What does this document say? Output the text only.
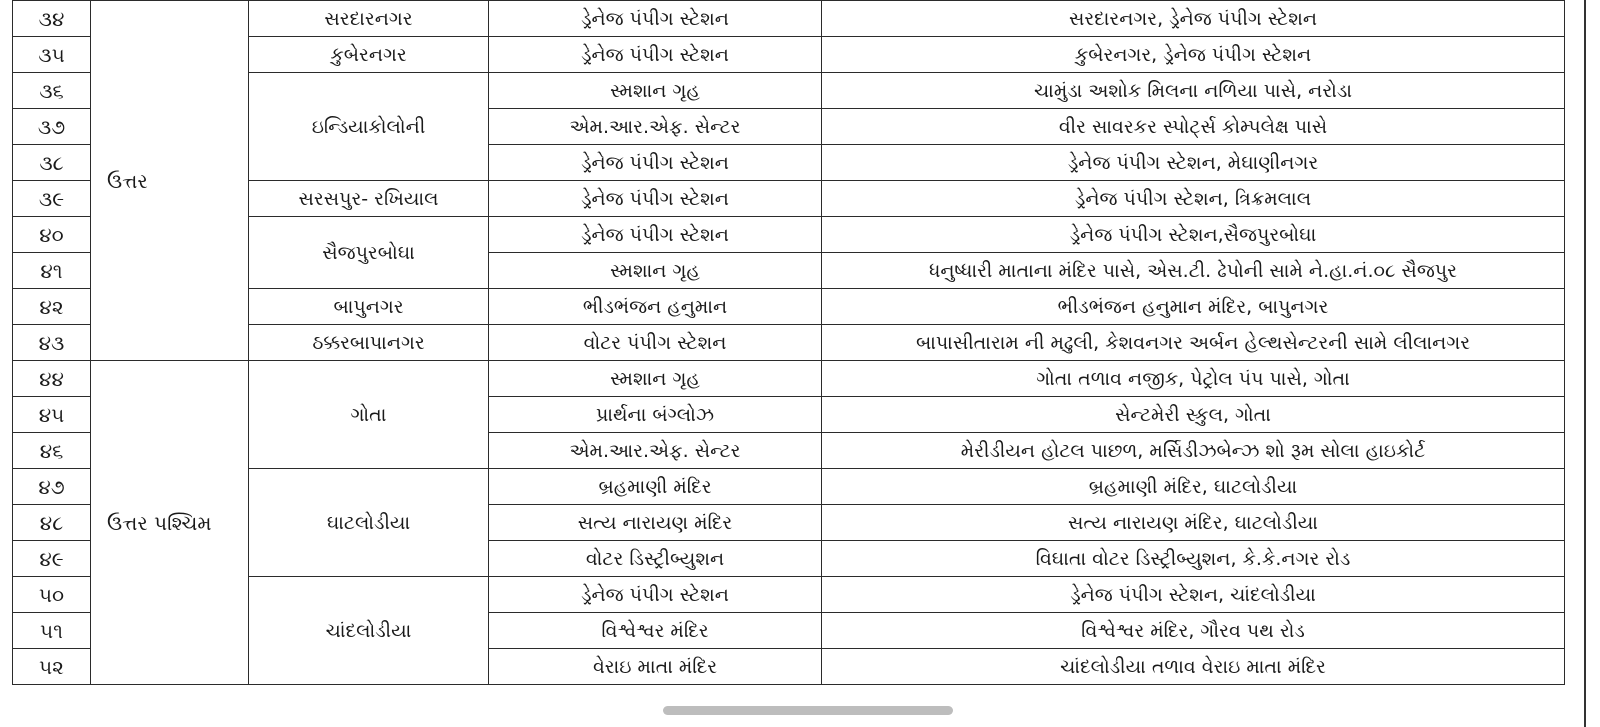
૩૪	ઉત્તર	સરદારનગર	ડ્રેનેજ પંપીગ સ્ટેશન	સરદારનગર, ડ્રેનેજ પંપીગ સ્ટેશન
૩૫		કુબેરનગર	ડ્રેનેજ પંપીગ સ્ટેશન	કુબેરનગર, ડ્રેનેજ પંપીગ સ્ટેશન
૩૬		ઇન્ડિયાકોલોની	સ્મશાન ગૃહ	ચામુંડા અશોક મિલના નળિયા પાસે, નરોડા
૩૭			એમ.આર.એફ. સેન્ટર	વીર સાવરકર સ્પોર્ટ્સ કોમ્પલેક્ષ પાસે
૩૮			ડ્રેનેજ પંપીગ સ્ટેશન	ડ્રેનેજ પંપીગ સ્ટેશન, મેઘાણીનગર
૩૯		સરસપુર- રખિયાલ	ડ્રેનેજ પંપીગ સ્ટેશન	ડ્રેનેજ પંપીગ સ્ટેશન, ત્રિક્રમલાલ
૪૦		સૈજપુરબોઘા	ડ્રેનેજ પંપીગ સ્ટેશન	ડ્રેનેજ પંપીગ સ્ટેશન,સૈજપુરબોઘા
૪૧			સ્મશાન ગૃહ	ધનુષ્ધારી માતાના મંદિર પાસે, એસ.ટી. ઢેપોની સામે ને.હા.નં.૦૮ સૈજપુર
૪૨		બાપુનગર	ભીડભંજન હનુમાન	ભીડભંજન હનુમાન મંદિર, બાપુનગર
૪૩		ઠક્કરબાપાનગર	વોટર પંપીગ સ્ટેશન	બાપાસીતારામ ની મઢુલી, કેશવનગર અર્બન હેલ્થસેન્ટરની સામે લીલાનગર
૪૪	ઉત્તર પશ્ચિમ	ગોતા	સ્મશાન ગૃહ	ગોતા તળાવ નજીક, પેટ્રોલ પંપ પાસે, ગોતા
૪૫			પ્રાર્થના બંગ્લોઝ	સેન્ટમેરી સ્કુલ, ગોતા
૪૬			એમ.આર.એફ. સેન્ટર	મેરીડીયન હોટલ પાછળ, મર્સિડીઝબેન્ઝ શો રૂમ સોલા હાઇકોર્ટ
૪૭		ઘાટલોડીયા	બ્રહમાણી મંદિર	બ્રહમાણી મંદિર, ઘાટલોડીયા
૪૮			સત્ય નારાયણ મંદિર	સત્ય નારાયણ મંદિર, ઘાટલોડીયા
૪૯			વોટર ડિસ્ટ્રીબ્યુશન	વિઘાતા વોટર ડિસ્ટ્રીબ્યુશન, કે.કે.નગર રોડ
૫૦		ચાંદલોડીયા	ડ્રેનેજ પંપીગ સ્ટેશન	ડ્રેનેજ પંપીગ સ્ટેશન, ચાંદલોડીયા
૫૧			વિશ્વેશ્વર મંદિર	વિશ્વેશ્વર મંદિર, ગૌરવ પથ રોડ
૫૨			વેરાઇ માતા મંદિર	ચાંદલોડીયા તળાવ વેરાઇ માતા મંદિર
